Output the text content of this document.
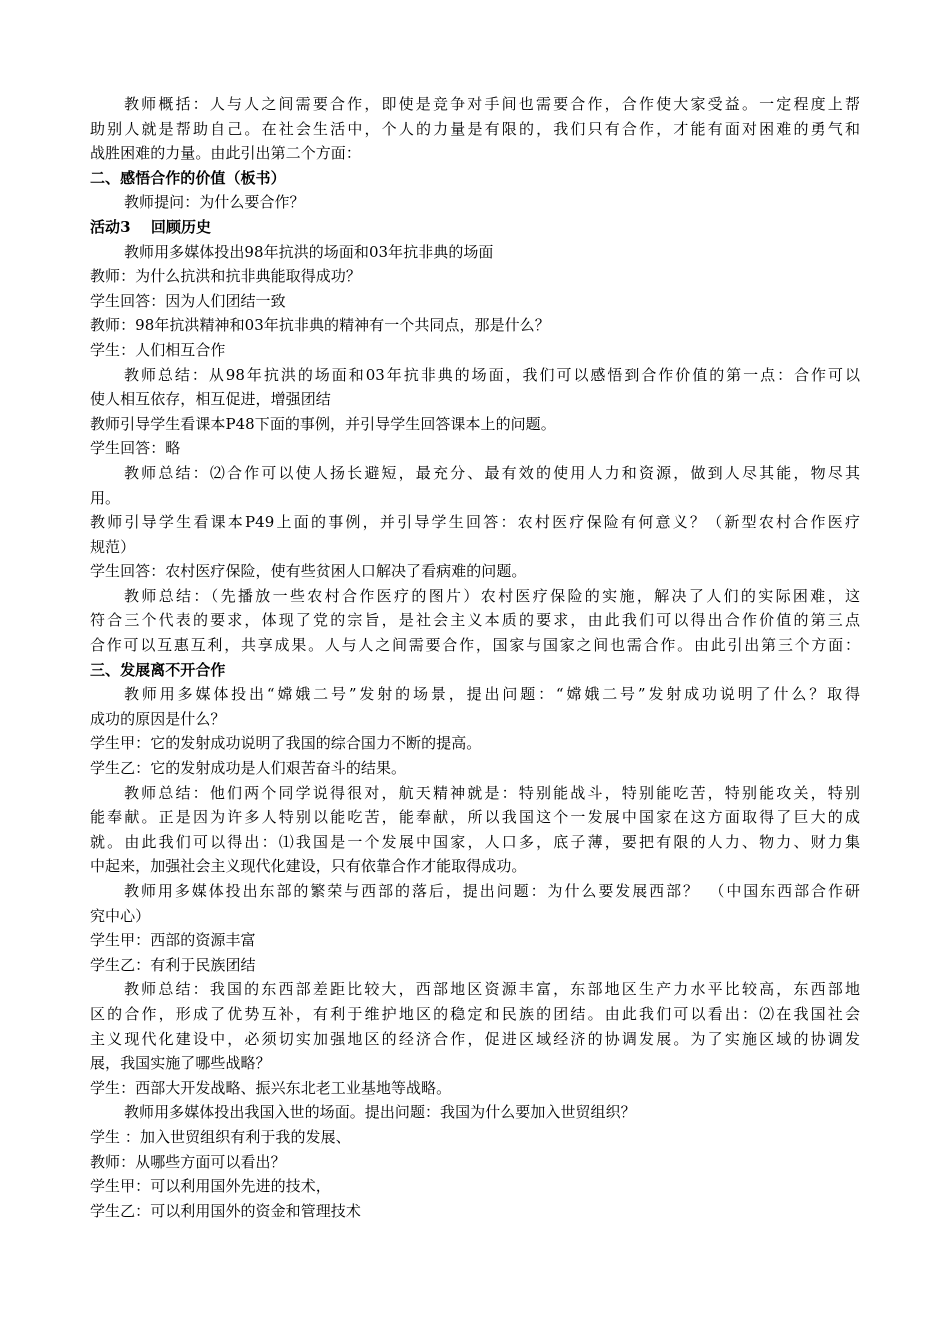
教师概括：人与人之间需要合作，即使是竞争对手间也需要合作，合作使大家受益。一定程度上帮
助别人就是帮助自己。在社会生活中，个人的力量是有限的，我们只有合作，才能有面对困难的勇气和
战胜困难的力量。由此引出第二个方面：
二、感悟合作的价值（板书）
教师提问：为什么要合作？
活动3　 回顾历史
教师用多媒体投出98年抗洪的场面和03年抗非典的场面
教师：为什么抗洪和抗非典能取得成功？
学生回答：因为人们团结一致
教师：98年抗洪精神和03年抗非典的精神有一个共同点，那是什么？
学生：人们相互合作
教师总结：从98年抗洪的场面和03年抗非典的场面，我们可以感悟到合作价值的第一点：合作可以
使人相互依存，相互促进，增强团结
教师引导学生看课本P48下面的事例，并引导学生回答课本上的问题。
学生回答：略
教师总结：⑵合作可以使人扬长避短，最充分、最有效的使用人力和资源，做到人尽其能，物尽其
用。
教师引导学生看课本P49上面的事例，并引导学生回答：农村医疗保险有何意义？（新型农村合作医疗
规范）
学生回答：农村医疗保险，使有些贫困人口解决了看病难的问题。
教师总结：（先播放一些农村合作医疗的图片）农村医疗保险的实施，解决了人们的实际困难，这
符合三个代表的要求，体现了党的宗旨，是社会主义本质的要求，由此我们可以得出合作价值的第三点
合作可以互惠互利，共享成果。人与人之间需要合作，国家与国家之间也需合作。由此引出第三个方面：
三、发展离不开合作
教师用多媒体投出“嫦娥二号”发射的场景，提出问题：“嫦娥二号”发射成功说明了什么？取得
成功的原因是什么？
学生甲：它的发射成功说明了我国的综合国力不断的提高。
学生乙：它的发射成功是人们艰苦奋斗的结果。
教师总结：他们两个同学说得很对，航天精神就是：特别能战斗，特别能吃苦，特别能攻关，特别
能奉献。正是因为许多人特别以能吃苦，能奉献，所以我国这个一发展中国家在这方面取得了巨大的成
就。由此我们可以得出：⑴我国是一个发展中国家，人口多，底子薄，要把有限的人力、物力、财力集
中起来，加强社会主义现代化建设，只有依靠合作才能取得成功。
教师用多媒体投出东部的繁荣与西部的落后，提出问题：为什么要发展西部？　（中国东西部合作研
究中心）
学生甲：西部的资源丰富
学生乙：有利于民族团结
教师总结：我国的东西部差距比较大，西部地区资源丰富，东部地区生产力水平比较高，东西部地
区的合作，形成了优势互补，有利于维护地区的稳定和民族的团结。由此我们可以看出：⑵在我国社会
主义现代化建设中，必须切实加强地区的经济合作，促进区域经济的协调发展。为了实施区域的协调发
展，我国实施了哪些战略？
学生：西部大开发战略、振兴东北老工业基地等战略。
教师用多媒体投出我国入世的场面。提出问题：我国为什么要加入世贸组织？
学生 ：加入世贸组织有利于我的发展、
教师：从哪些方面可以看出？
学生甲：可以利用国外先进的技术，
学生乙：可以利用国外的资金和管理技术
